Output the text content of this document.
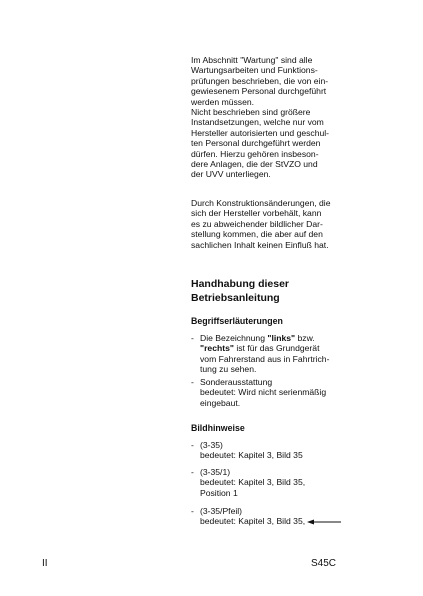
Im Abschnitt "Wartung" sind alle
Wartungsarbeiten und Funktions-
prüfungen beschrieben, die von ein-
gewiesenem Personal durchgeführt
werden müssen.

Nicht beschrieben sind größere
Instandsetzungen, welche nur vom
Hersteller autorisierten und geschul-
ten Personal durchgeführt werden
dürfen. Hierzu gehören insbeson-
dere Anlagen, die der StVZO und
der UVV unterliegen.

Durch Konstruktionsänderungen, die
sich der Hersteller vorbehält, kann
es zu abweichender bildlicher Dar-
stellung kommen, die aber auf den
sachlichen Inhalt keinen Einfluß hat.

Handhabung dieser
Betriebsanleitung
Begriffserläuterungen
- Die Bezeichnung "links" bzw.
"rechts" ist für das Grundgerät
vom Fahrerstand aus in Fahrtrich-
tung zu sehen.
- Sonderausstattung
bedeutet: Wird nicht serienmäßig
eingebaut.
Bildhinweise
- (3-35)
bedeutet: Kapitel 3, Bild 35
- (3-35/1)
bedeutet: Kapitel 3, Bild 35,
Position 1
- (3-35/Pfeil)
bedeutet: Kapitel 3, Bild 35,
II	S45C
